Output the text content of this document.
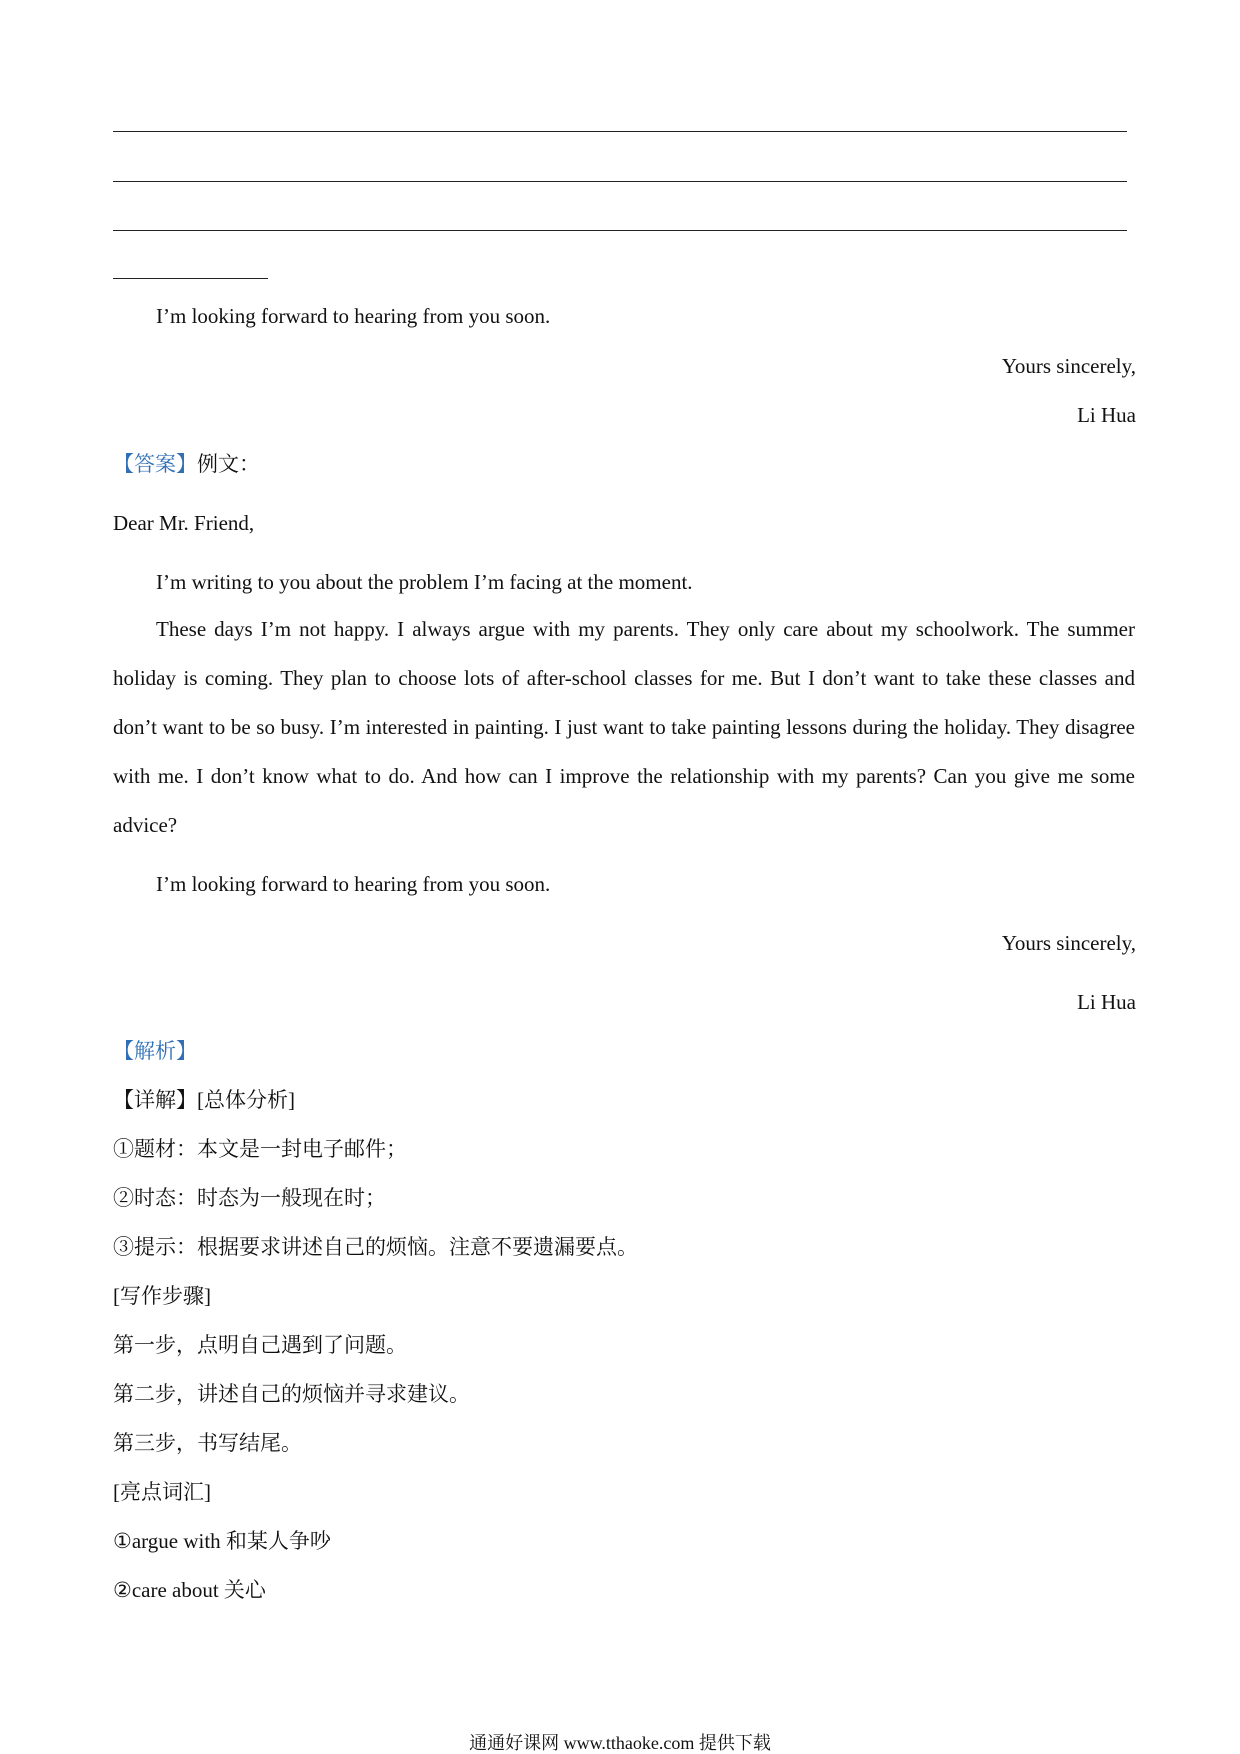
I’m looking forward to hearing from you soon.
Yours sincerely,
Li Hua
【答案】例文：
Dear Mr. Friend,
I’m writing to you about the problem I’m facing at the moment.
These days I’m not happy. I always argue with my parents. They only care about my schoolwork. The summer holiday is coming. They plan to choose lots of after-school classes for me. But I don’t want to take these classes and don’t want to be so busy. I’m interested in painting. I just want to take painting lessons during the holiday. They disagree with me. I don’t know what to do. And how can I improve the relationship with my parents? Can you give me some advice?
I’m looking forward to hearing from you soon.
Yours sincerely,
Li Hua
【解析】
【详解】[总体分析]
①题材：本文是一封电子邮件；
②时态：时态为一般现在时；
③提示：根据要求讲述自己的烦恼。注意不要遗漏要点。
[写作步骤]
第一步，点明自己遇到了问题。
第二步，讲述自己的烦恼并寻求建议。
第三步，书写结尾。
[亮点词汇]
①argue with 和某人争吵
②care about 关心
通通好课网 www.tthaoke.com 提供下载
